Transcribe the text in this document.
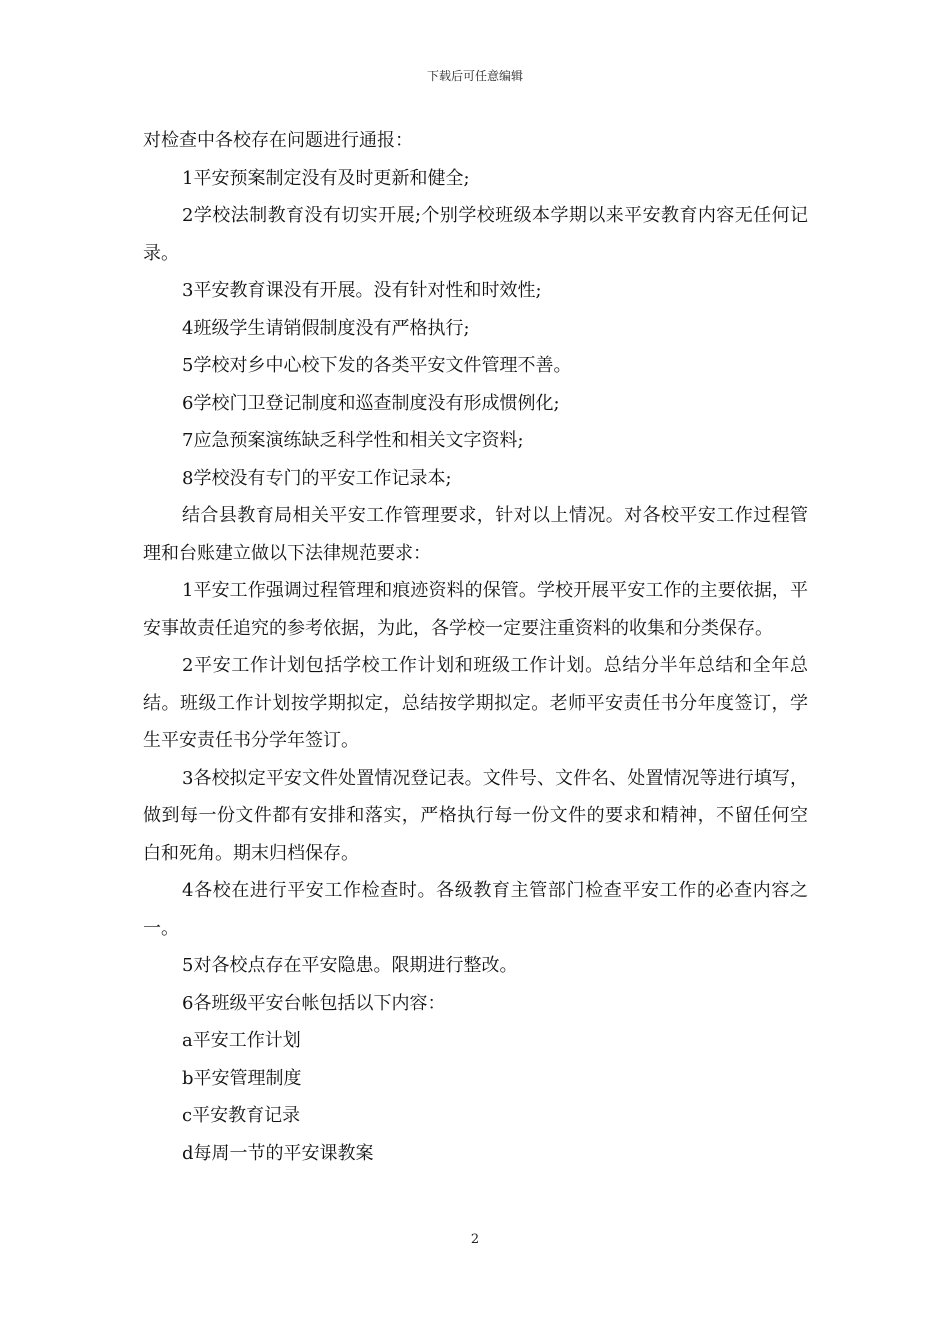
下载后可任意编辑

对检查中各校存在问题进行通报：

1平安预案制定没有及时更新和健全;

2学校法制教育没有切实开展;个别学校班级本学期以来平安教育内容无任何记录。

3平安教育课没有开展。没有针对性和时效性;

4班级学生请销假制度没有严格执行;

5学校对乡中心校下发的各类平安文件管理不善。

6学校门卫登记制度和巡查制度没有形成惯例化;

7应急预案演练缺乏科学性和相关文字资料;

8学校没有专门的平安工作记录本;

结合县教育局相关平安工作管理要求，针对以上情况。对各校平安工作过程管理和台账建立做以下法律规范要求：

1平安工作强调过程管理和痕迹资料的保管。学校开展平安工作的主要依据，平安事故责任追究的参考依据，为此，各学校一定要注重资料的收集和分类保存。

2平安工作计划包括学校工作计划和班级工作计划。总结分半年总结和全年总结。班级工作计划按学期拟定，总结按学期拟定。老师平安责任书分年度签订，学生平安责任书分学年签订。

3各校拟定平安文件处置情况登记表。文件号、文件名、处置情况等进行填写，做到每一份文件都有安排和落实，严格执行每一份文件的要求和精神，不留任何空白和死角。期末归档保存。

4各校在进行平安工作检查时。各级教育主管部门检查平安工作的必查内容之一。

5对各校点存在平安隐患。限期进行整改。

6各班级平安台帐包括以下内容：

a平安工作计划

b平安管理制度

c平安教育记录

d每周一节的平安课教案

2
